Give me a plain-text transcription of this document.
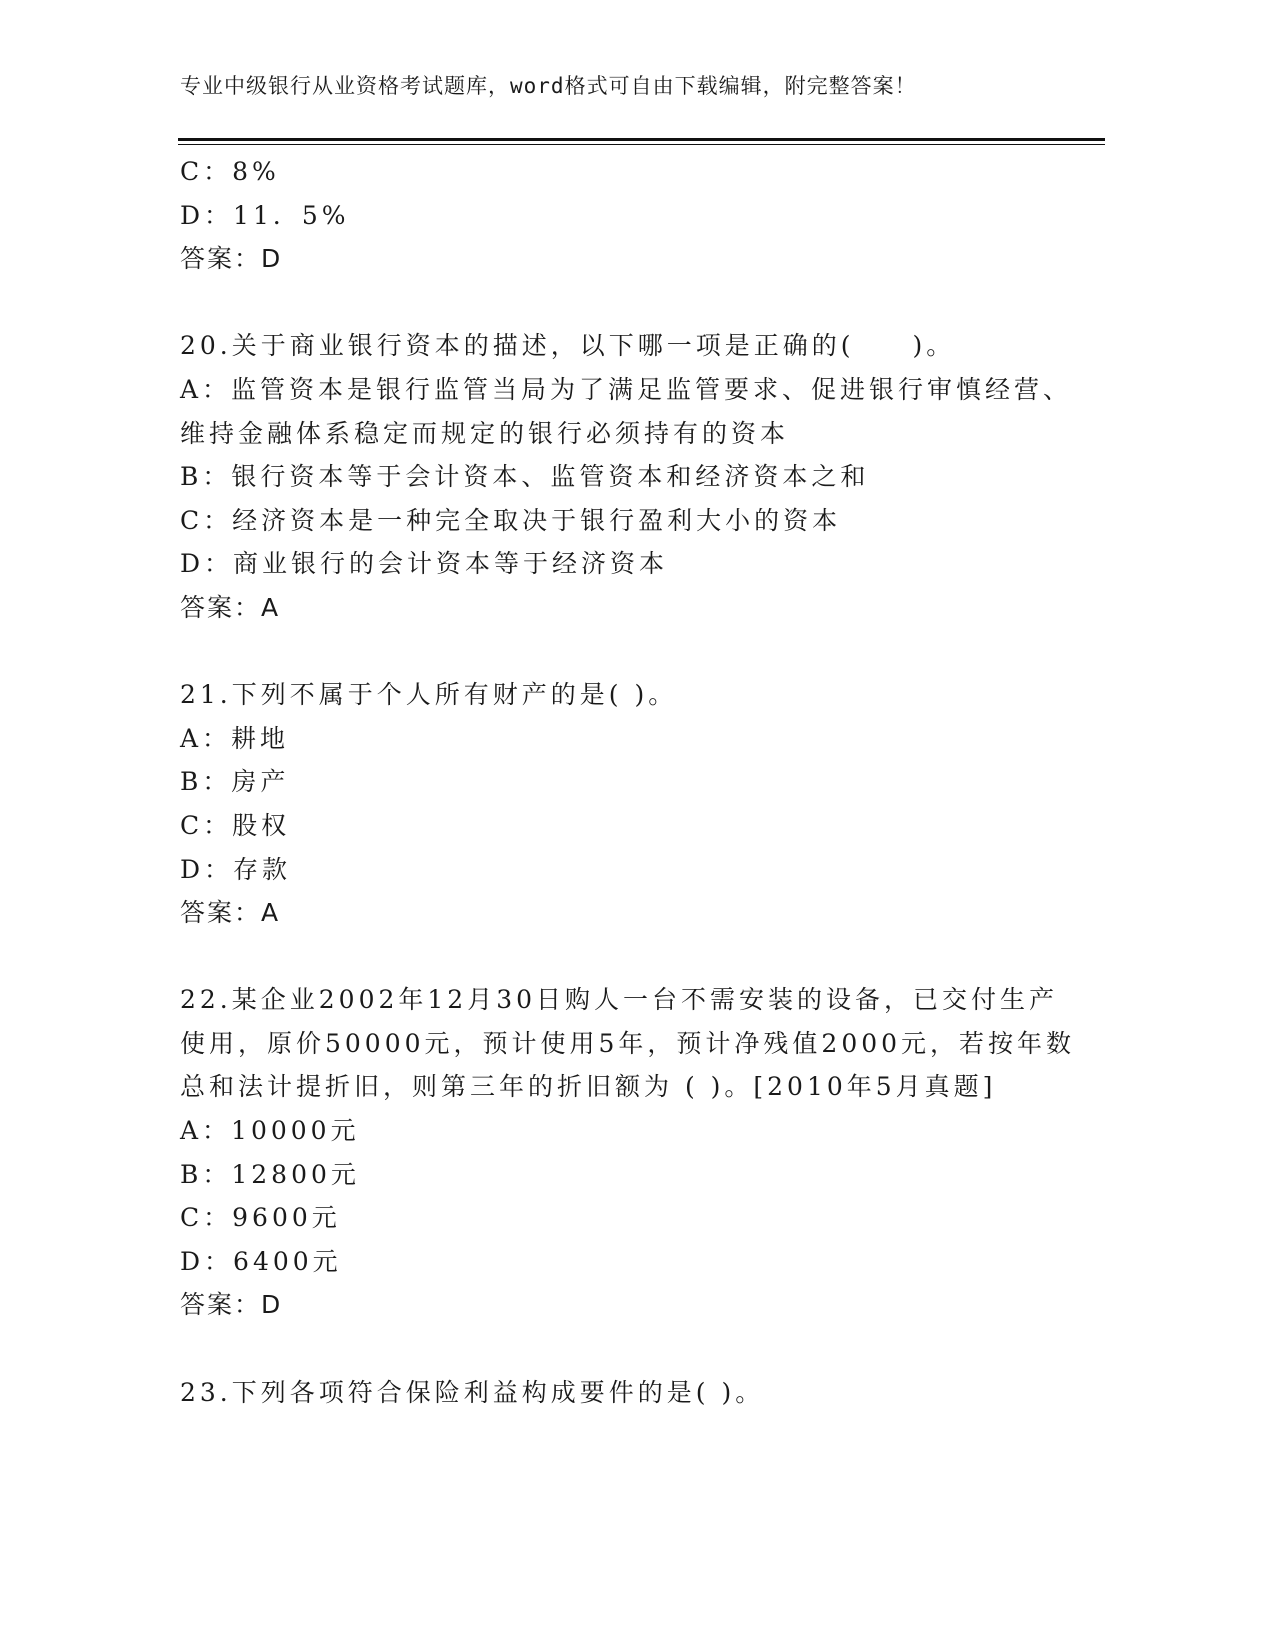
专业中级银行从业资格考试题库，word格式可自由下载编辑，附完整答案！
C：8%
D：11．5%
答案：D
20.关于商业银行资本的描述，以下哪一项是正确的(　　)。
A：监管资本是银行监管当局为了满足监管要求、促进银行审慎经营、
维持金融体系稳定而规定的银行必须持有的资本
B：银行资本等于会计资本、监管资本和经济资本之和
C：经济资本是一种完全取决于银行盈利大小的资本
D：商业银行的会计资本等于经济资本
答案：A
21.下列不属于个人所有财产的是( )。
A：耕地
B：房产
C：股权
D：存款
答案：A
22.某企业2002年12月30日购人一台不需安装的设备，已交付生产
使用，原价50000元，预计使用5年，预计净残值2000元，若按年数
总和法计提折旧，则第三年的折旧额为 ( )。[2010年5月真题]
A：10000元
B：12800元
C：9600元
D：6400元
答案：D
23.下列各项符合保险利益构成要件的是( )。
